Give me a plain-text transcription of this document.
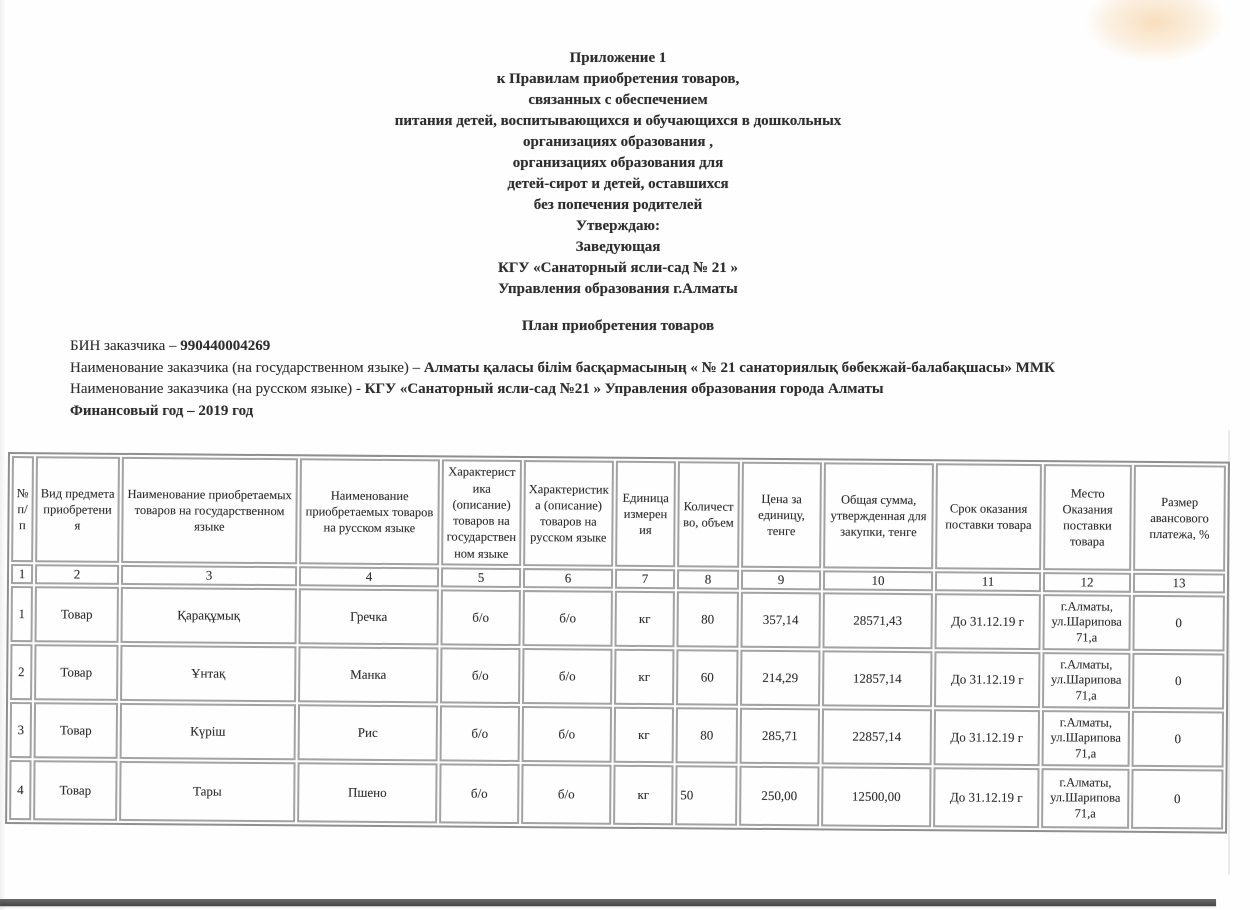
Приложение 1
к Правилам приобретения товаров,
связанных с обеспечением
питания детей, воспитывающихся и обучающихся в дошкольных
организациях образования ,
организациях образования для
детей-сирот и детей, оставшихся
без попечения родителей
Утверждаю:
Заведующая
КГУ «Санаторный ясли-сад № 21 »
Управления образования г.Алматы
План приобретения товаров
БИН заказчика – 990440004269
Наименование заказчика (на государственном языке) – Алматы қаласы білім басқармасының « № 21 санаториялық бөбекжай-балабақшасы» ММК
Наименование заказчика (на русском языке) - КГУ «Санаторный ясли-сад №21 » Управления образования города Алматы
Финансовый год – 2019 год
№ п/п	Вид предмета приобретения	Наименование приобретаемых товаров на государственном языке	Наименование приобретаемых товаров на русском языке	Характеристика (описание) товаров на государственном языке	Характеристика (описание) товаров на русском языке	Единица измерения	Количество, объем	Цена за единицу, тенге	Общая сумма, утвержденная для закупки, тенге	Срок оказания поставки товара	Место Оказания поставки товара	Размер авансового платежа, %
1	2	3	4	5	6	7	8	9	10	11	12	13
1	Товар	Қарақұмық	Гречка	б/о	б/о	кг	80	357,14	28571,43	До 31.12.19 г	г.Алматы, ул.Шарипова 71,а	0
2	Товар	Ұнтақ	Манка	б/о	б/о	кг	60	214,29	12857,14	До 31.12.19 г	г.Алматы, ул.Шарипова 71,а	0
3	Товар	Күріш	Рис	б/о	б/о	кг	80	285,71	22857,14	До 31.12.19 г	г.Алматы, ул.Шарипова 71,а	0
4	Товар	Тары	Пшено	б/о	б/о	кг	50	250,00	12500,00	До 31.12.19 г	г.Алматы, ул.Шарипова 71,а	0
